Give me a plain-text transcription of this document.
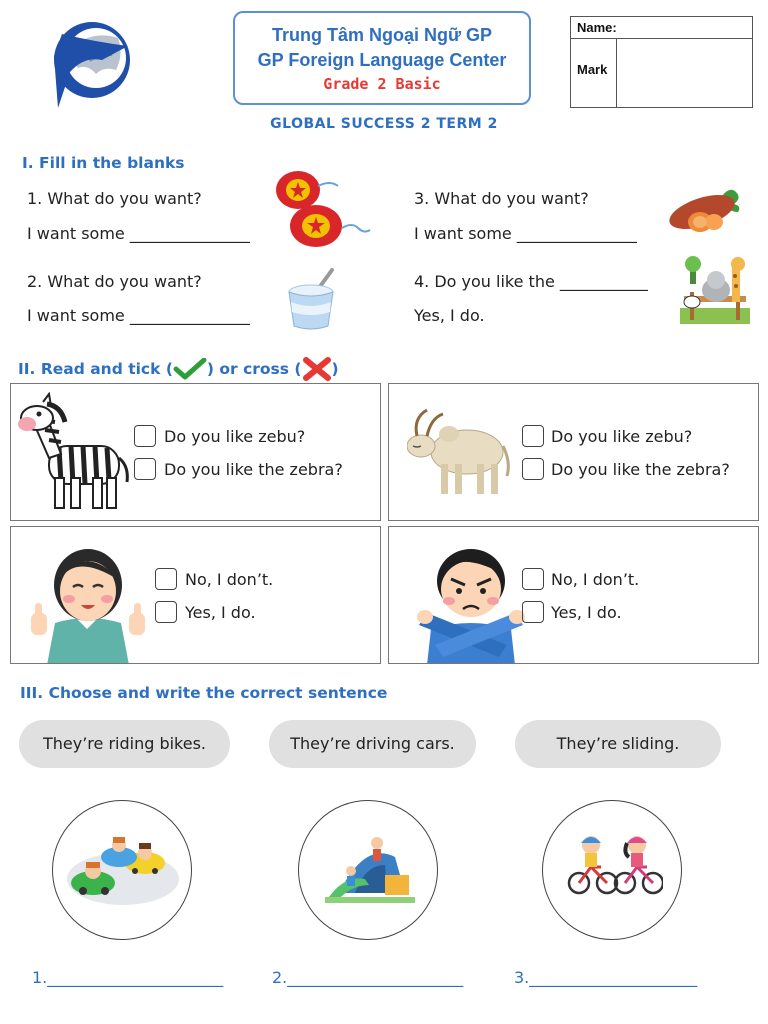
Trung Tâm Ngoại Ngữ GP
GP Foreign Language Center
Grade 2 Basic
Name:
Mark
GLOBAL SUCCESS 2 TERM 2
I. Fill in the blanks
1. What do you want?
I want some _______________
2. What do you want?
I want some _______________
3. What do you want?
I want some _______________
4. Do you like the ___________
Yes, I do.
II. Read and tick ( ) or cross ( )
Do you like zebu?
Do you like the zebra?
Do you like zebu?
Do you like the zebra?
No, I don’t.
Yes, I do.
No, I don’t.
Yes, I do.
III. Choose and write the correct sentence
They’re riding bikes.	They’re driving cars.	They’re sliding.
1.______________________	2.______________________	3._____________________
